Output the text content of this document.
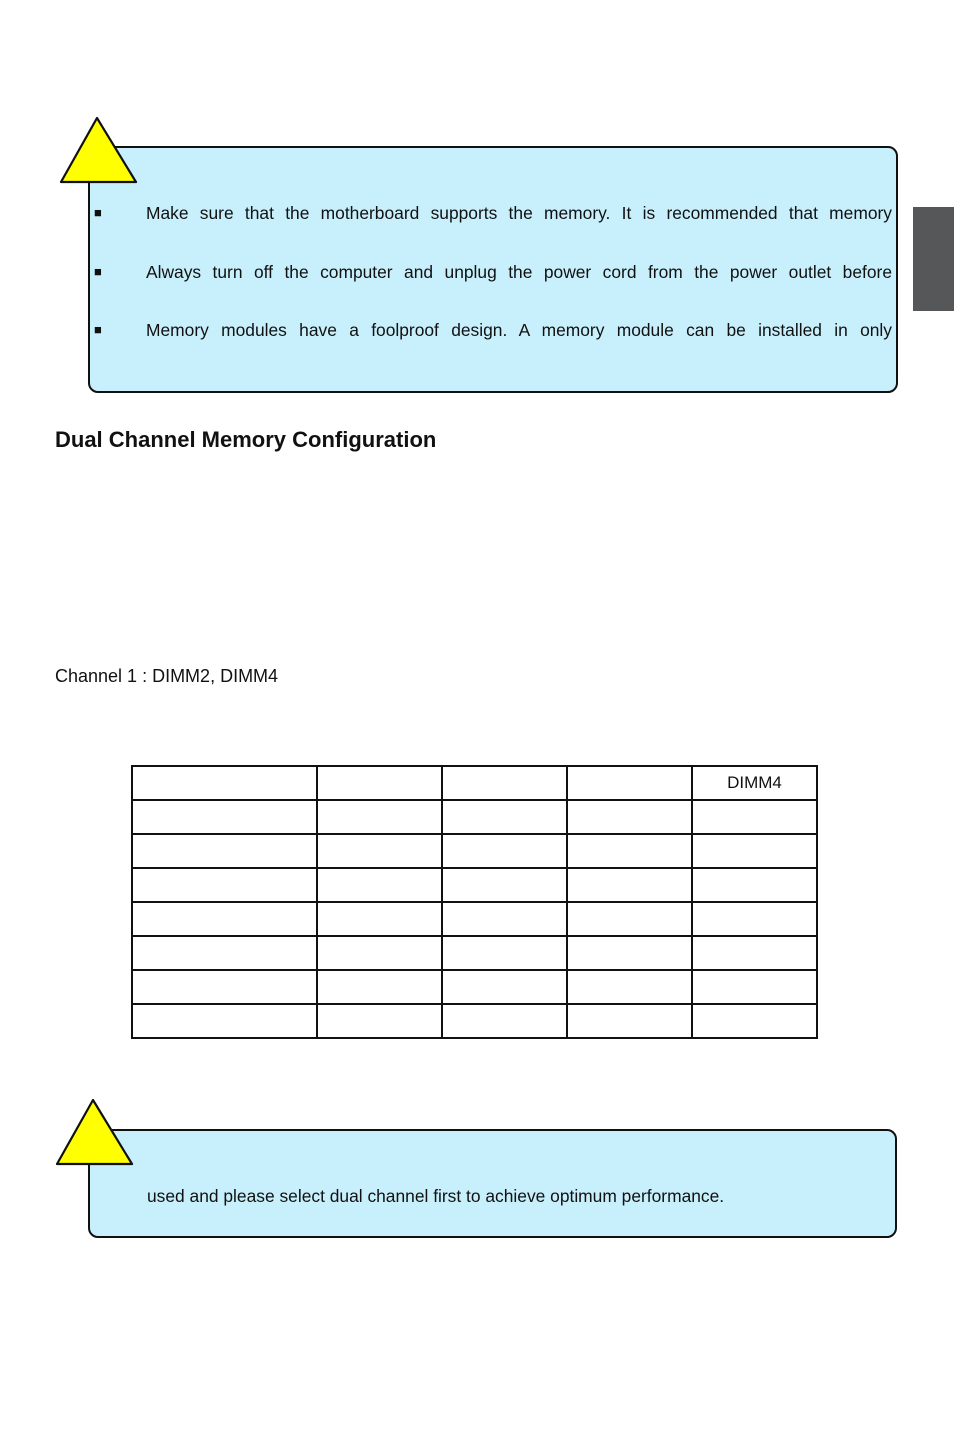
■	Make sure that the motherboard supports the memory. It is recommended that memory
■	Always turn off the computer and unplug the power cord from the power outlet before
■	Memory modules have a foolproof design. A memory module can be installed in only
Dual Channel Memory Configuration
Channel 1 : DIMM2, DIMM4
				DIMM4

used and please select dual channel first to achieve optimum performance.
